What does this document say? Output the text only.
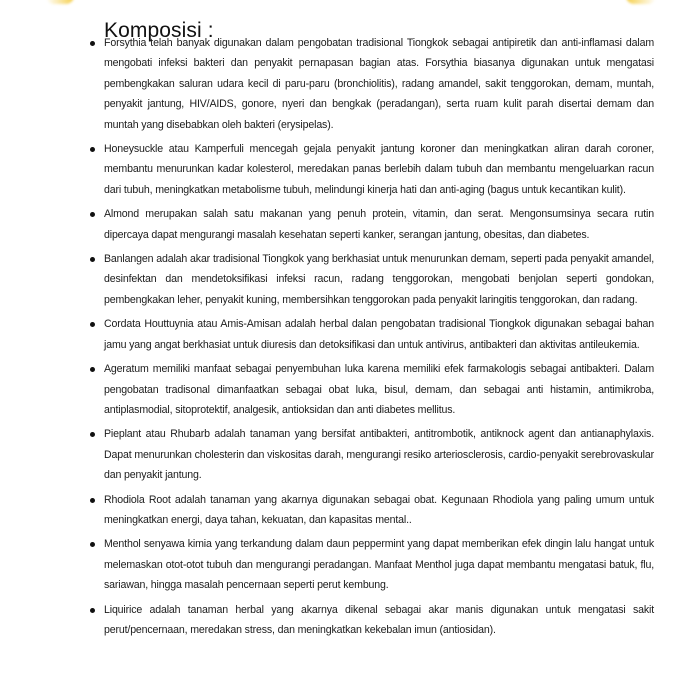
Komposisi :
Forsythia telah banyak digunakan dalam pengobatan tradisional Tiongkok sebagai antipiretik dan anti-inflamasi dalam mengobati infeksi bakteri dan penyakit pernapasan bagian atas. Forsythia biasanya digunakan untuk mengatasi pembengkakan saluran udara kecil di paru-paru (bronchiolitis), radang amandel, sakit tenggorokan, demam, muntah, penyakit jantung, HIV/AIDS, gonore, nyeri dan bengkak (peradangan), serta ruam kulit parah disertai demam dan muntah yang disebabkan oleh bakteri (erysipelas).
Honeysuckle atau Kamperfuli mencegah gejala penyakit jantung koroner dan meningkatkan aliran darah coroner, membantu menurunkan kadar kolesterol, meredakan panas berlebih dalam tubuh dan membantu mengeluarkan racun dari tubuh, meningkatkan metabolisme tubuh, melindungi kinerja hati dan anti-aging (bagus untuk kecantikan kulit).
Almond merupakan salah satu makanan yang penuh protein, vitamin, dan serat. Mengonsumsinya secara rutin dipercaya dapat mengurangi masalah kesehatan seperti kanker, serangan jantung, obesitas, dan diabetes.
Banlangen adalah akar tradisional Tiongkok yang berkhasiat untuk menurunkan demam, seperti pada penyakit amandel, desinfektan dan mendetoksifikasi infeksi racun, radang tenggorokan, mengobati benjolan seperti gondokan, pembengkakan leher, penyakit kuning, membersihkan tenggorokan pada penyakit laringitis tenggorokan, dan radang.
Cordata Houttuynia atau Amis-Amisan adalah herbal dalan pengobatan tradisional Tiongkok digunakan sebagai bahan jamu yang angat berkhasiat untuk diuresis dan detoksifikasi dan untuk antivirus, antibakteri dan aktivitas antileukemia.
Ageratum memiliki manfaat sebagai penyembuhan luka karena memiliki efek farmakologis sebagai antibakteri. Dalam pengobatan tradisonal dimanfaatkan sebagai obat luka, bisul, demam, dan sebagai anti histamin, antimikroba, antiplasmodial, sitoprotektif, analgesik, antioksidan dan anti diabetes mellitus.
Pieplant atau Rhubarb adalah tanaman yang bersifat antibakteri, antitrombotik, antiknock agent dan antianaphylaxis. Dapat menurunkan cholesterin dan viskositas darah, mengurangi resiko arteriosclerosis, cardio-penyakit serebrovaskular dan penyakit jantung.
Rhodiola Root adalah tanaman yang akarnya digunakan sebagai obat. Kegunaan Rhodiola yang paling umum untuk meningkatkan energi, daya tahan, kekuatan, dan kapasitas mental..
Menthol senyawa kimia yang terkandung dalam daun peppermint yang dapat memberikan efek dingin lalu hangat untuk melemaskan otot-otot tubuh dan mengurangi peradangan. Manfaat Menthol juga dapat membantu mengatasi batuk, flu, sariawan, hingga masalah pencernaan seperti perut kembung.
Liquirice adalah tanaman herbal yang akarnya dikenal sebagai akar manis digunakan untuk mengatasi sakit perut/pencernaan, meredakan stress, dan meningkatkan kekebalan imun (antiosidan).
